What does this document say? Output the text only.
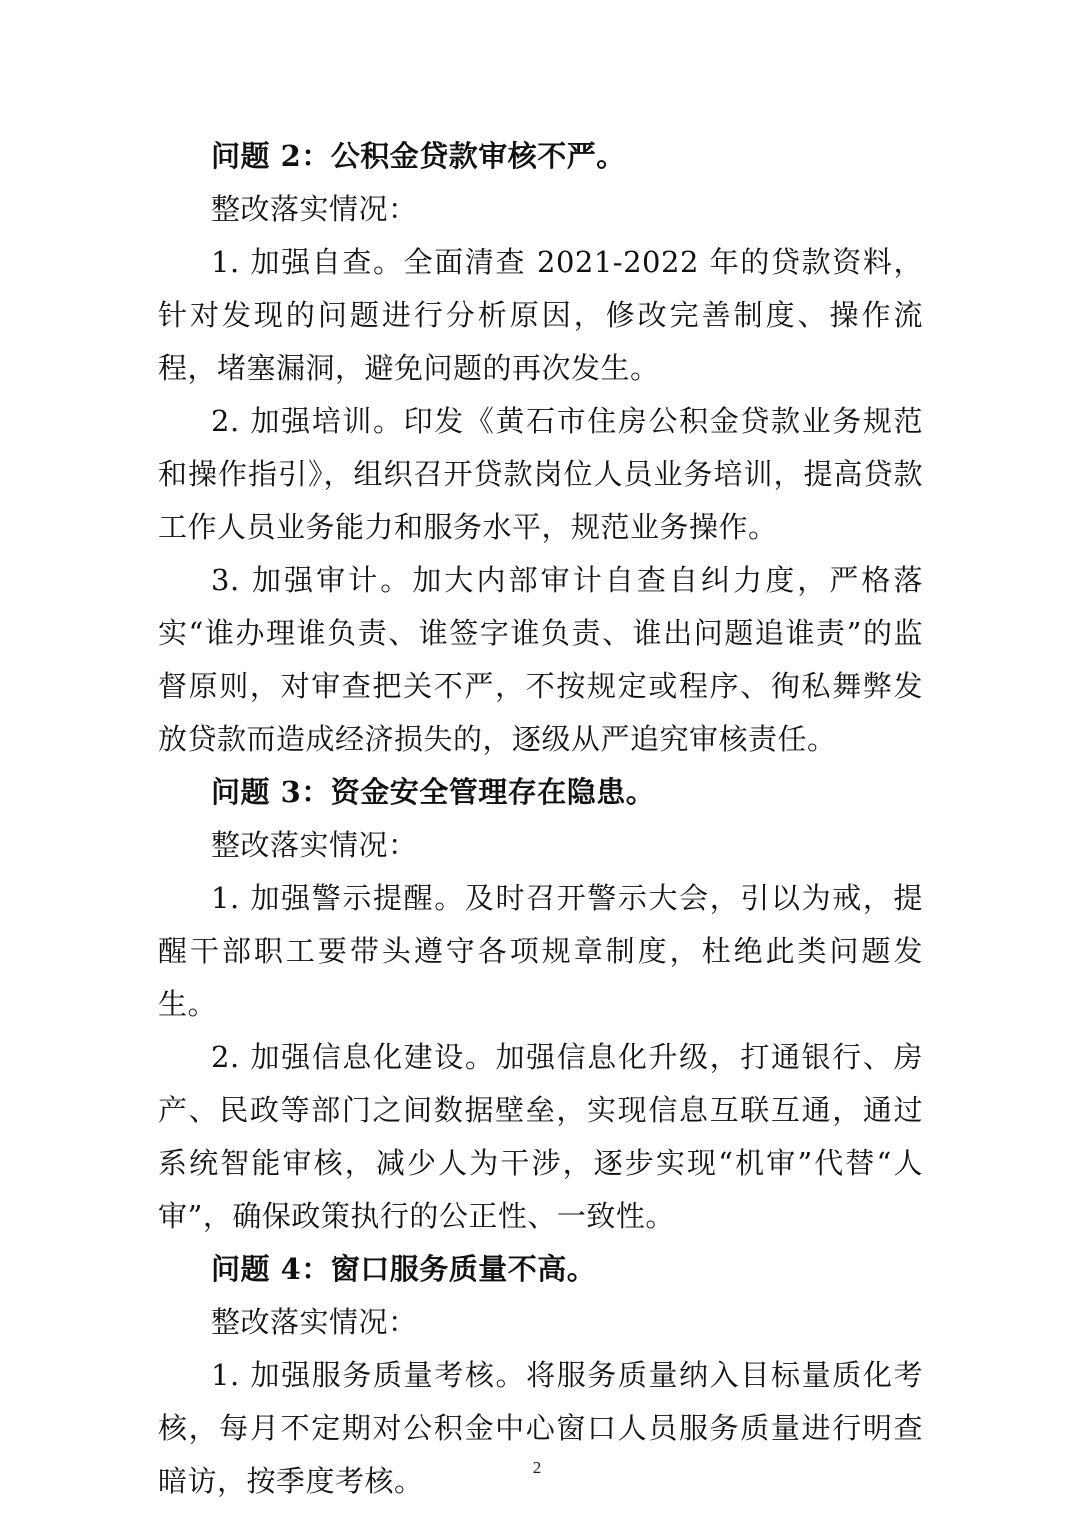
问题 2：公积金贷款审核不严。

整改落实情况：

1. 加强自查。全面清查 2021-2022 年的贷款资料，针对发现的问题进行分析原因，修改完善制度、操作流程，堵塞漏洞，避免问题的再次发生。

2. 加强培训。印发《黄石市住房公积金贷款业务规范和操作指引》，组织召开贷款岗位人员业务培训，提高贷款工作人员业务能力和服务水平，规范业务操作。

3. 加强审计。加大内部审计自查自纠力度，严格落实“谁办理谁负责、谁签字谁负责、谁出问题追谁责”的监督原则，对审查把关不严，不按规定或程序、徇私舞弊发放贷款而造成经济损失的，逐级从严追究审核责任。

问题 3：资金安全管理存在隐患。

整改落实情况：

1. 加强警示提醒。及时召开警示大会，引以为戒，提醒干部职工要带头遵守各项规章制度，杜绝此类问题发生。

2. 加强信息化建设。加强信息化升级，打通银行、房产、民政等部门之间数据壁垒，实现信息互联互通，通过系统智能审核，减少人为干涉，逐步实现“机审”代替“人审”，确保政策执行的公正性、一致性。

问题 4：窗口服务质量不高。

整改落实情况：

1. 加强服务质量考核。将服务质量纳入目标量质化考核，每月不定期对公积金中心窗口人员服务质量进行明查暗访，按季度考核。	2
